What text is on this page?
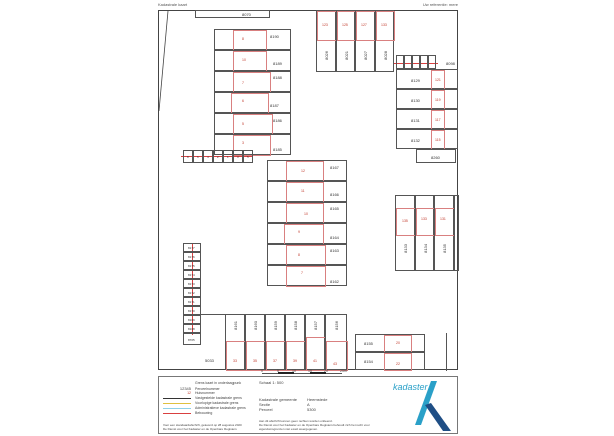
Kadastrale kaart	Uw referentie: mere
8070
8	8190
10
8189
7
8188
6
8187
5
8186
3
8185
8	6	4	2	1	3	5
123
8026
125
8021
127
8027
133
8028
8098
8129	121
8130	119
8131	117
8132	115
8260
12
8167
11
8166
10
8165
9
8164
8
8163
7
8162
135
8133
133
8134
131
8135
8177
8176
8175
8174
8173
8172
8171
8170
8169
8168
8705
5033
8161
33
8160
35
8159
37
8158
39
8157
41
8156
43
8155	20
8154	22
0	5	10	15	20	25m
Grens kaart in onderlaagpunk
12345 Perceelnummer
12 Huisnummer
Vastgestelde kadastrale grens
Voorlopige kadastrale grens
Administratieve kadastrale grens
Bebouwing
Voor een standaardafschrift, geleverd op 28 augustus 2020
De Dienst voor het Kadaster en de Openbare Registers
Schaal 1: 500
Kadastrale gemeente Heemstede
Sectie	A
Perceel	5300
Aan dit afschrift kunnen geen rechten worden ontleend.
De Dienst voor het Kadaster en de Openbare Registers behoudt zich het recht voor
eigendomsgrenzen niet exact weergegeven.
kadaster
